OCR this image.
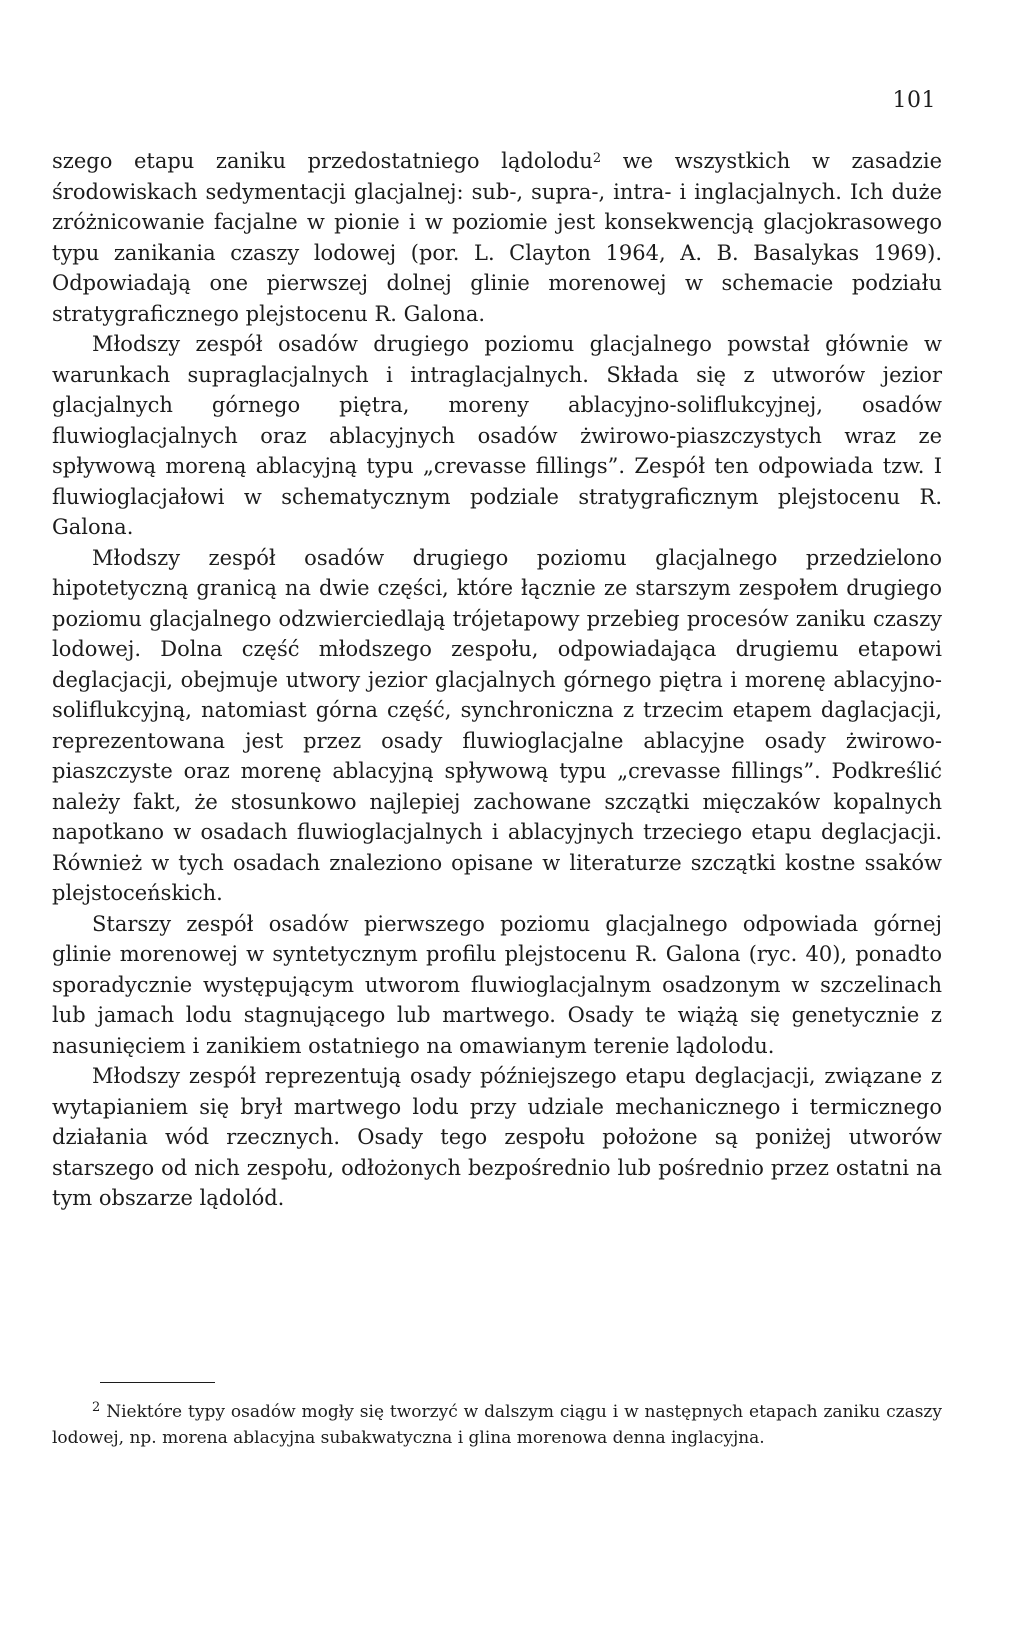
101

szego etapu zaniku przedostatniego lądolodu$^2$ we wszystkich w zasadzie środowiskach sedymentacji glacjalnej: sub-, supra-, intra- i inglacjalnych. Ich duże zróżnicowanie facjalne w pionie i w poziomie jest konsekwencją glacjokrasowego typu zanikania czaszy lodowej (por. L. Clayton 1964, A. B. Basalykas 1969). Odpowiadają one pierwszej dolnej glinie morenowej w schemacie podziału stratygraficznego plejstocenu R. Galona.

Młodszy zespół osadów drugiego poziomu glacjalnego powstał głównie w warunkach supraglacjalnych i intraglacjalnych. Składa się z utworów jezior glacjalnych górnego piętra, moreny ablacyjno-soliflukcyjnej, osadów fluwioglacjalnych oraz ablacyjnych osadów żwirowo-piaszczystych wraz ze spływową moreną ablacyjną typu „crevasse fillings”. Zespół ten odpowiada tzw. I fluwioglacjałowi w schematycznym podziale stratygraficznym plejstocenu R. Galona.

Młodszy zespół osadów drugiego poziomu glacjalnego przedzielono hipotetyczną granicą na dwie części, które łącznie ze starszym zespołem drugiego poziomu glacjalnego odzwierciedlają trójetapowy przebieg procesów zaniku czaszy lodowej. Dolna część młodszego zespołu, odpowiadająca drugiemu etapowi deglacjacji, obejmuje utwory jezior glacjalnych górnego piętra i morenę ablacyjno-soliflukcyjną, natomiast górna część, synchroniczna z trzecim etapem daglacjacji, reprezentowana jest przez osady fluwioglacjalne ablacyjne osady żwirowo-piaszczyste oraz morenę ablacyjną spływową typu „crevasse fillings”. Podkreślić należy fakt, że stosunkowo najlepiej zachowane szczątki mięczaków kopalnych napotkano w osadach fluwioglacjalnych i ablacyjnych trzeciego etapu deglacjacji. Również w tych osadach znaleziono opisane w literaturze szczątki kostne ssaków plejstoceńskich.

Starszy zespół osadów pierwszego poziomu glacjalnego odpowiada górnej glinie morenowej w syntetycznym profilu plejstocenu R. Galona (ryc. 40), ponadto sporadycznie występującym utworom fluwioglacjalnym osadzonym w szczelinach lub jamach lodu stagnującego lub martwego. Osady te wiążą się genetycznie z nasunięciem i zanikiem ostatniego na omawianym terenie lądolodu.

Młodszy zespół reprezentują osady późniejszego etapu deglacjacji, związane z wytapianiem się brył martwego lodu przy udziale mechanicznego i termicznego działania wód rzecznych. Osady tego zespołu położone są poniżej utworów starszego od nich zespołu, odłożonych bezpośrednio lub pośrednio przez ostatni na tym obszarze lądolód.

$^2$ Niektóre typy osadów mogły się tworzyć w dalszym ciągu i w następnych etapach zaniku czaszy lodowej, np. morena ablacyjna subakwatyczna i glina morenowa denna inglacyjna.
